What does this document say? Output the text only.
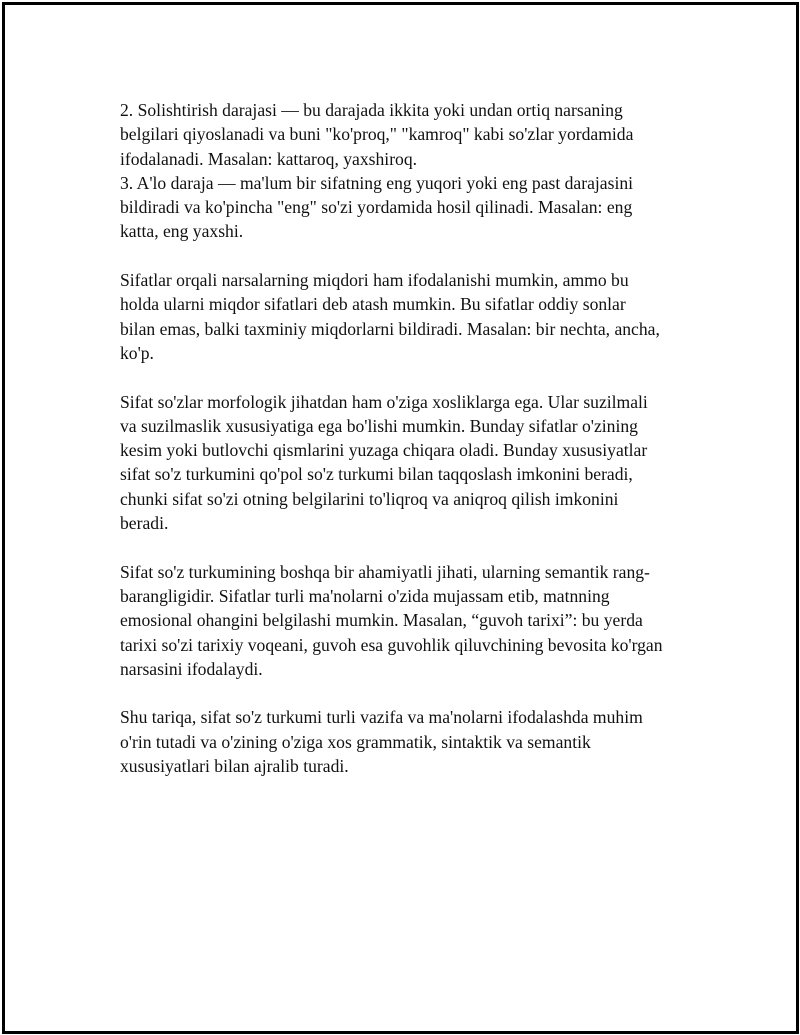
2. Solishtirish darajasi — bu darajada ikkita yoki undan ortiq narsaning
belgilari qiyoslanadi va buni "ko'proq," "kamroq" kabi so'zlar yordamida
ifodalanadi. Masalan: kattaroq, yaxshiroq.
3. A'lo daraja — ma'lum bir sifatning eng yuqori yoki eng past darajasini
bildiradi va ko'pincha "eng" so'zi yordamida hosil qilinadi. Masalan: eng
katta, eng yaxshi.

Sifatlar orqali narsalarning miqdori ham ifodalanishi mumkin, ammo bu
holda ularni miqdor sifatlari deb atash mumkin. Bu sifatlar oddiy sonlar
bilan emas, balki taxminiy miqdorlarni bildiradi. Masalan: bir nechta, ancha,
ko'p.

Sifat so'zlar morfologik jihatdan ham o'ziga xosliklarga ega. Ular suzilmali
va suzilmaslik xususiyatiga ega bo'lishi mumkin. Bunday sifatlar o'zining
kesim yoki butlovchi qismlarini yuzaga chiqara oladi. Bunday xususiyatlar
sifat so'z turkumini qo'pol so'z turkumi bilan taqqoslash imkonini beradi,
chunki sifat so'zi otning belgilarini to'liqroq va aniqroq qilish imkonini
beradi.

Sifat so'z turkumining boshqa bir ahamiyatli jihati, ularning semantik rang-
barangligidir. Sifatlar turli ma'nolarni o'zida mujassam etib, matnning
emosional ohangini belgilashi mumkin. Masalan, “guvoh tarixi”: bu yerda
tarixi so'zi tarixiy voqeani, guvoh esa guvohlik qiluvchining bevosita ko'rgan
narsasini ifodalaydi.

Shu tariqa, sifat so'z turkumi turli vazifa va ma'nolarni ifodalashda muhim
o'rin tutadi va o'zining o'ziga xos grammatik, sintaktik va semantik
xususiyatlari bilan ajralib turadi.
